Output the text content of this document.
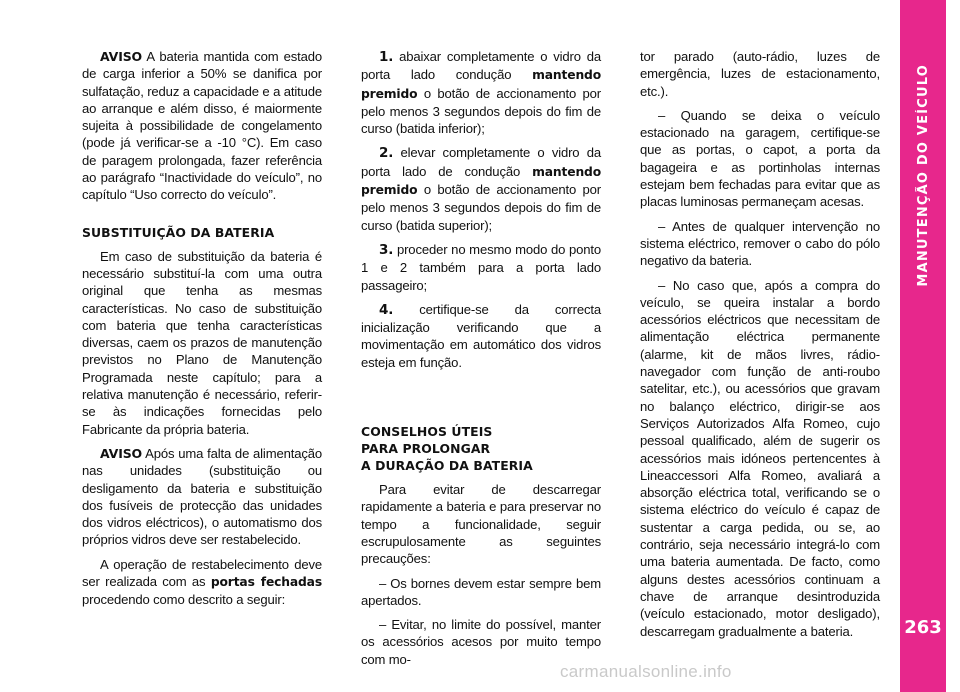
AVISO A bateria mantida com estado de carga inferior a 50% se danifica por sulfatação, reduz a capacidade e a atitude ao arranque e além disso, é maiormente sujeita à possibilidade de congelamento (pode já verificar-se a -10 °C). Em caso de paragem prolongada, fazer referência ao parágrafo “Inactividade do veículo”, no capítulo “Uso correcto do veículo”.

SUBSTITUIÇÃO DA BATERIA

Em caso de substituição da bateria é necessário substituí-la com uma outra original que tenha as mesmas características. No caso de substituição com bateria que tenha características diversas, caem os prazos de manutenção previstos no Plano de Manutenção Programada neste capítulo; para a relativa manutenção é necessário, referir-se às indicações fornecidas pelo Fabricante da própria bateria.

AVISO Após uma falta de alimentação nas unidades (substituição ou desligamento da bateria e substituição dos fusíveis de protecção das unidades dos vidros eléctricos), o automatismo dos próprios vidros deve ser restabelecido.

A operação de restabelecimento deve ser realizada com as portas fechadas procedendo como descrito a seguir:

1. abaixar completamente o vidro da porta lado condução mantendo premido o botão de accionamento por pelo menos 3 segundos depois do fim de curso (batida inferior);

2. elevar completamente o vidro da porta lado de condução mantendo premido o botão de accionamento por pelo menos 3 segundos depois do fim de curso (batida superior);

3. proceder no mesmo modo do ponto 1 e 2 também para a porta lado passageiro;

4. certifique-se da correcta inicialização verificando que a movimentação em automático dos vidros esteja em função.

CONSELHOS ÚTEIS
PARA PROLONGAR
A DURAÇÃO DA BATERIA

Para evitar de descarregar rapidamente a bateria e para preservar no tempo a funcionalidade, seguir escrupulosamente as seguintes precauções:

– Os bornes devem estar sempre bem apertados.

– Evitar, no limite do possível, manter os acessórios acesos por muito tempo com mo-

tor parado (auto-rádio, luzes de emergência, luzes de estacionamento, etc.).

– Quando se deixa o veículo estacionado na garagem, certifique-se que as portas, o capot, a porta da bagageira e as portinholas internas estejam bem fechadas para evitar que as placas luminosas permaneçam acesas.

– Antes de qualquer intervenção no sistema eléctrico, remover o cabo do pólo negativo da bateria.

– No caso que, após a compra do veículo, se queira instalar a bordo acessórios eléctricos que necessitam de alimentação eléctrica permanente (alarme, kit de mãos livres, rádio-navegador com função de anti-roubo satelitar, etc.), ou acessórios que gravam no balanço eléctrico, dirigir-se aos Serviços Autorizados Alfa Romeo, cujo pessoal qualificado, além de sugerir os acessórios mais idóneos pertencentes à Lineaccessori Alfa Romeo, avaliará a absorção eléctrica total, verificando se o sistema eléctrico do veículo é capaz de sustentar a carga pedida, ou se, ao contrário, seja necessário integrá-lo com uma bateria aumentada. De facto, como alguns destes acessórios continuam a chave de arranque desintroduzida (veículo estacionado, motor desligado), descarregam gradualmente a bateria.

MANUTENÇÃO DO VEÍCULO
263
carmanualsonline.info
